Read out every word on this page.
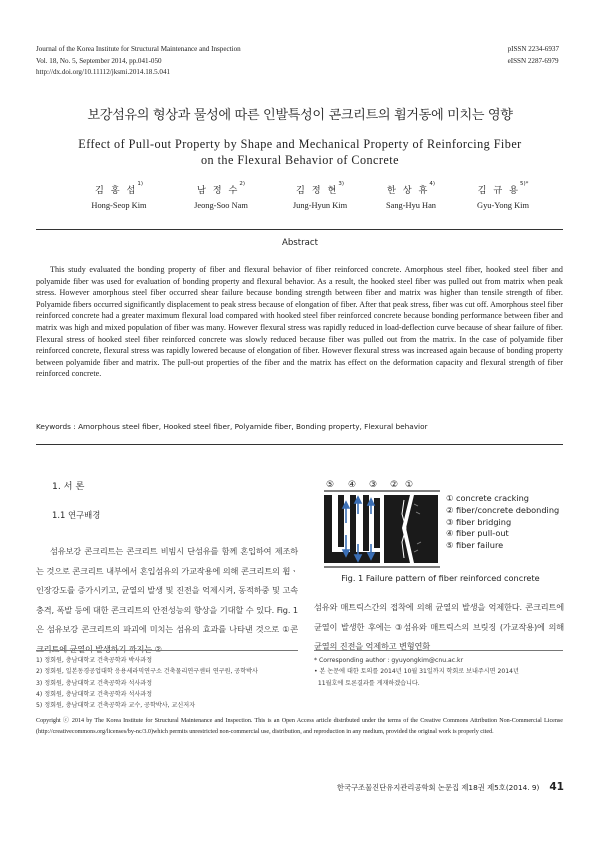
Journal of the Korea Institute for Structural Maintenance and Inspection
Vol. 18, No. 5, September 2014, pp.041-050
http://dx.doi.org/10.11112/jksmi.2014.18.5.041
pISSN 2234-6937
eISSN 2287-6979
보강섬유의 형상과 물성에 따른 인발특성이 콘크리트의 휨거동에 미치는 영향
Effect of Pull-out Property by Shape and Mechanical Property of Reinforcing Fiber
on the Flexural Behavior of Concrete
김 홍 섭$^{1)}$
Hong-Seop Kim
남 정 수$^{2)}$
Jeong-Soo Nam
김 정 현$^{3)}$
Jung-Hyun Kim
한 상 휴$^{4)}$
Sang-Hyu Han
김 규 용$^{5)*}$
Gyu-Yong Kim
Abstract
This study evaluated the bonding property of fiber and flexural behavior of fiber reinforced concrete. Amorphous steel fiber, hooked steel fiber and polyamide fiber was used for evaluation of bonding property and flexural behavior. As a result, the hooked steel fiber was pulled out from matrix when peak stress. However amorphous steel fiber occurred shear failure because bonding strength between fiber and matrix was higher than tensile strength of fiber. Polyamide fibers occurred significantly displacement to peak stress because of elongation of fiber. After that peak stress, fiber was cut off. Amorphous steel fiber reinforced concrete had a greater maximum flexural load compared with hooked steel fiber reinforced concrete because bonding performance between fiber and matrix was high and mixed population of fiber was many. However flexural stress was rapidly reduced in load-deflection curve because of shear failure of fiber. Flexural stress of hooked steel fiber reinforced concrete was slowly reduced because fiber was pulled out from the matrix. In the case of polyamide fiber reinforced concrete, flexural stress was rapidly lowered because of elongation of fiber. However flexural stress was increased again because of bonding property between polyamide fiber and matrix. The pull-out properties of the fiber and the matrix has effect on the deformation capacity and flexural strength of fiber reinforced concrete.
Keywords : Amorphous steel fiber, Hooked steel fiber, Polyamide fiber, Bonding property, Flexural behavior
1. 서 론
1.1 연구배경
섬유보강 콘크리트는 콘크리트 비빔시 단섬유를 함께 혼입하여 제조하는 것으로 콘크리트 내부에서 혼입섬유의 가교작용에 의해 콘크리트의 휨ㆍ인장강도를 증가시키고, 균열의 발생 및 진전을 억제시켜, 동적하중 및 고속 충격, 폭발 등에 대한 콘크리트의 안전성능의 향상을 기대할 수 있다. Fig. 1은 섬유보강 콘크리트의 파괴에 미치는 섬유의 효과를 나타낸 것으로 ①콘크리트에 균열이 발생하기 까지는 ②
⑤ ④ ③ ② ①
① concrete cracking
② fiber/concrete debonding
③ fiber bridging
④ fiber pull-out
⑤ fiber failure
Fig. 1 Failure pattern of fiber reinforced concrete
섬유와 매트릭스간의 접착에 의해 균열의 발생을 억제한다. 콘크리트에 균열이 발생한 후에는 ③섬유와 매트릭스의 브릿징 (가교작용)에 의해 균열의 진전을 억제하고 변형연화
1) 정회원, 충남대학교 건축공학과 박사과정
2) 정회원, 일본동경공업대학 응용세라믹연구소 건축물리연구센터 연구원, 공학박사
3) 정회원, 충남대학교 건축공학과 석사과정
4) 정회원, 충남대학교 건축공학과 석사과정
5) 정회원, 충남대학교 건축공학과 교수, 공학박사, 교신저자
* Corresponding author : gyuyongkim@cnu.ac.kr
• 본 논문에 대한 토의를 2014년 10월 31일까지 학회로 보내주시면 2014년
11월호에 토론결과를 게재하겠습니다.
Copyright ⓒ 2014 by The Korea Institute for Structural Maintenance and Inspection. This is an Open Access article distributed under the terms of the Creative Commons Attribution Non-Commercial License (http://creativecommons.org/licenses/by-nc/3.0)which permits unrestricted non-commercial use, distribution, and reproduction in any medium, provided the original work is properly cited.
한국구조물진단유지관리공학회 논문집 제18권 제5호(2014. 9) 41
